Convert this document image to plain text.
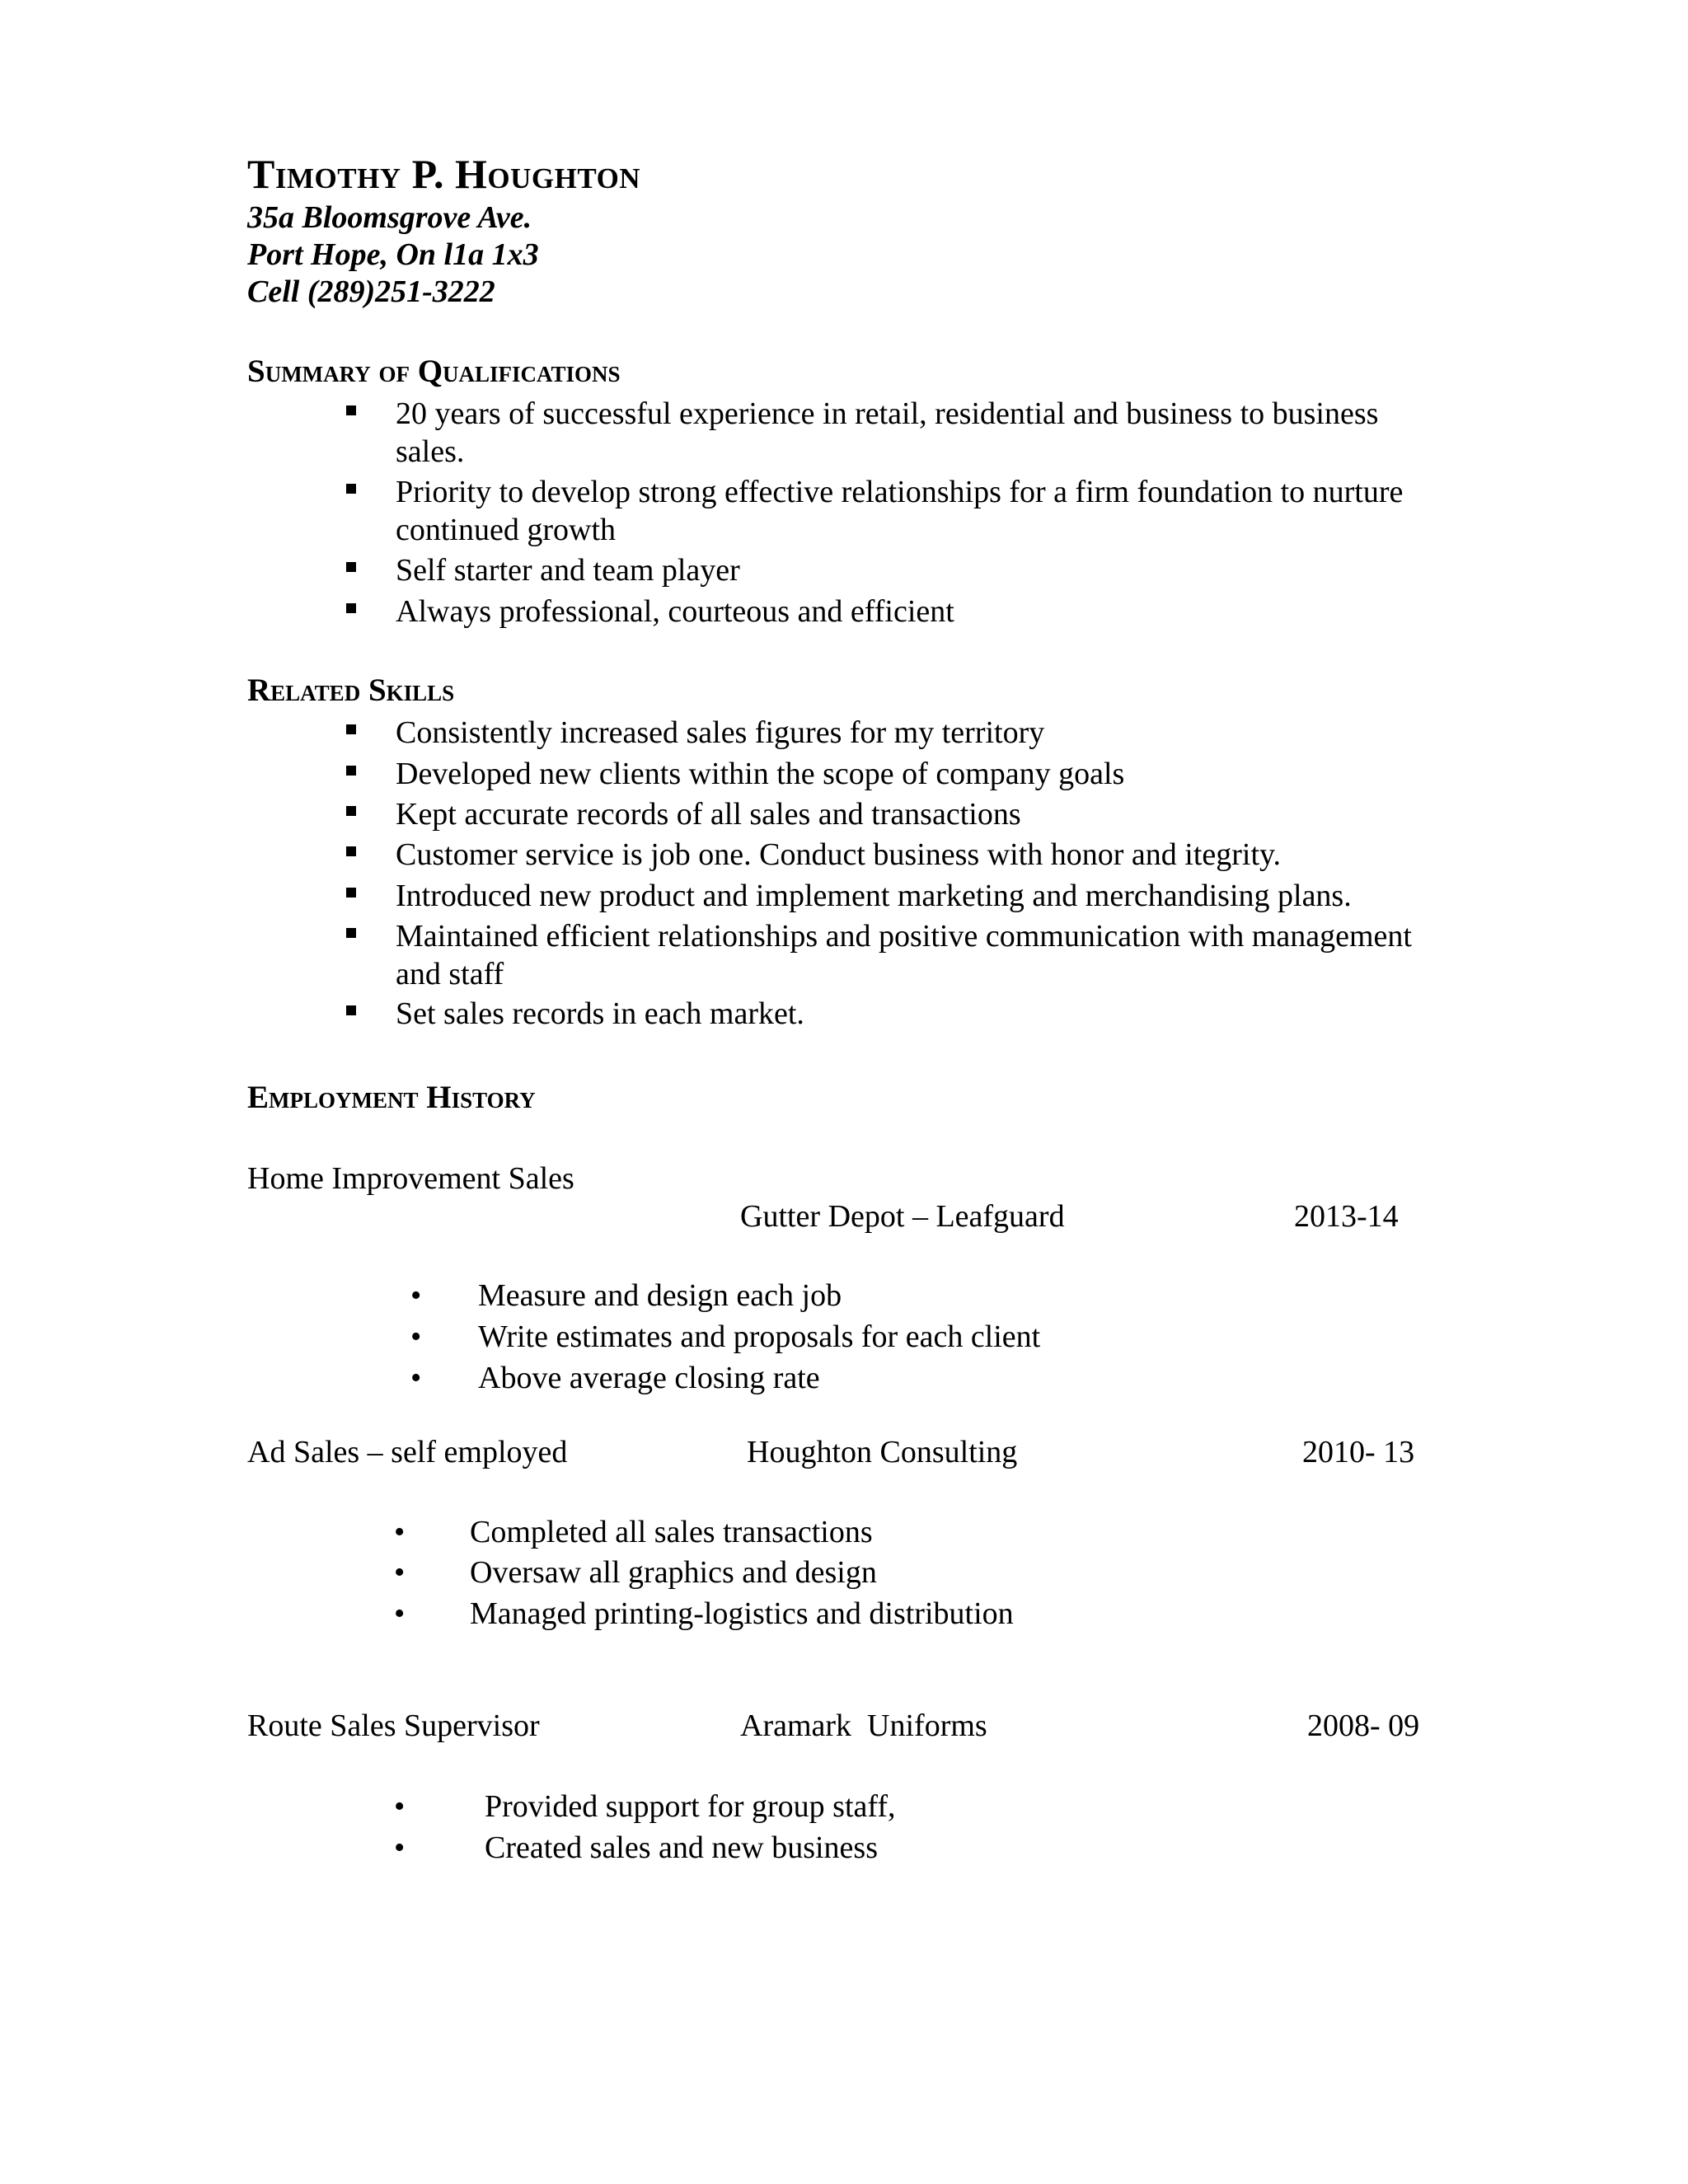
Timothy P. Houghton
35a Bloomsgrove Ave.
Port Hope, On l1a 1x3
Cell (289)251-3222
Summary of Qualifications
20 years of successful experience in retail, residential and business to business sales.
Priority to develop strong effective relationships for a firm foundation to nurture continued growth
Self starter and team player
Always professional, courteous and efficient
Related Skills
Consistently increased sales figures for my territory
Developed new clients within the scope of company goals
Kept accurate records of all sales and transactions
Customer service is job one. Conduct business with honor and itegrity.
Introduced new product and implement marketing and merchandising plans.
Maintained efficient relationships and positive communication with management and staff
Set sales records in each market.
Employment History
Home Improvement Sales
Gutter Depot – Leafguard	2013-14
• Measure and design each job
• Write estimates and proposals for each client
• Above average closing rate
Ad Sales – self employed	Houghton Consulting	2010- 13
• Completed all sales transactions
• Oversaw all graphics and design
• Managed printing-logistics and distribution
Route Sales Supervisor	Aramark  Uniforms	2008- 09
•	Provided support for group staff,
•	Created sales and new business
